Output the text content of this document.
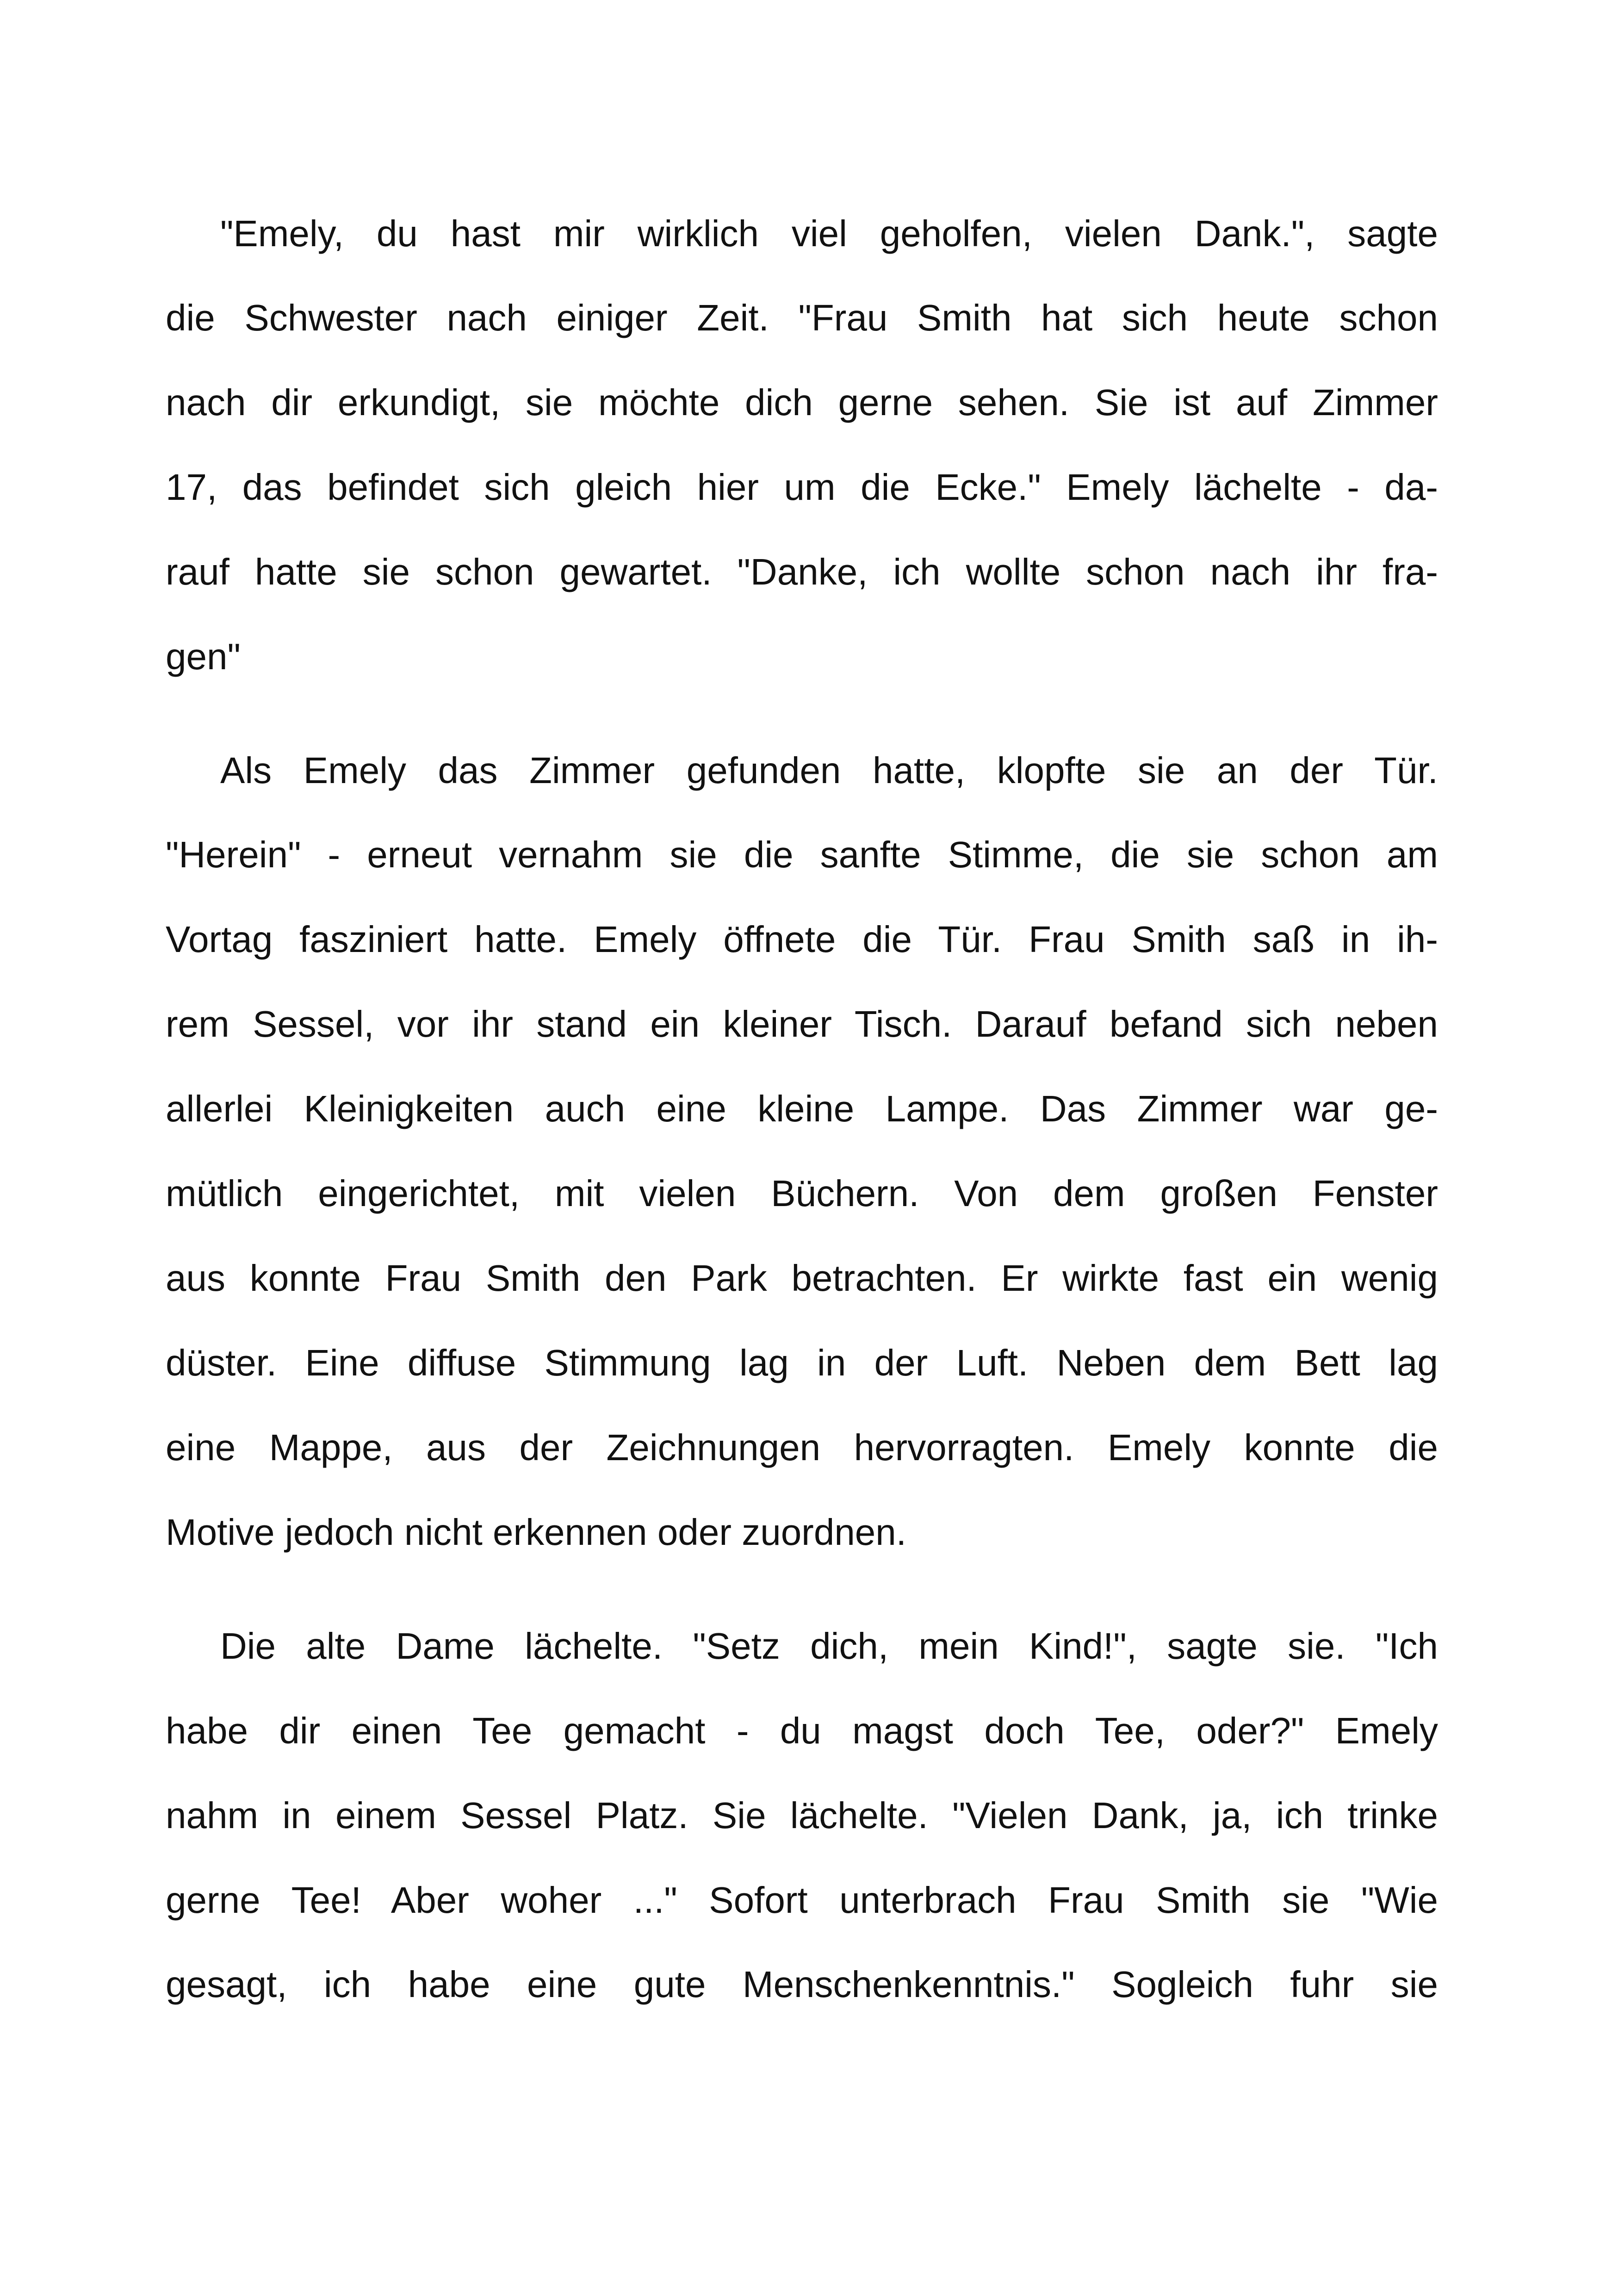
"Emely, du hast mir wirklich viel geholfen, vielen Dank.", sagte
die Schwester nach einiger Zeit. "Frau Smith hat sich heute schon
nach dir erkundigt, sie möchte dich gerne sehen. Sie ist auf Zimmer
17, das befindet sich gleich hier um die Ecke." Emely lächelte - da-
rauf hatte sie schon gewartet. "Danke, ich wollte schon nach ihr fra-
gen"
Als Emely das Zimmer gefunden hatte, klopfte sie an der Tür.
"Herein" - erneut vernahm sie die sanfte Stimme, die sie schon am
Vortag fasziniert hatte. Emely öffnete die Tür. Frau Smith saß in ih-
rem Sessel, vor ihr stand ein kleiner Tisch. Darauf befand sich neben
allerlei Kleinigkeiten auch eine kleine Lampe. Das Zimmer war ge-
mütlich eingerichtet, mit vielen Büchern. Von dem großen Fenster
aus konnte Frau Smith den Park betrachten. Er wirkte fast ein wenig
düster. Eine diffuse Stimmung lag in der Luft. Neben dem Bett lag
eine Mappe, aus der Zeichnungen hervorragten. Emely konnte die
Motive jedoch nicht erkennen oder zuordnen.
Die alte Dame lächelte. "Setz dich, mein Kind!", sagte sie. "Ich
habe dir einen Tee gemacht - du magst doch Tee, oder?" Emely
nahm in einem Sessel Platz. Sie lächelte. "Vielen Dank, ja, ich trinke
gerne Tee! Aber woher ..." Sofort unterbrach Frau Smith sie "Wie
gesagt, ich habe eine gute Menschenkenntnis." Sogleich fuhr sie
